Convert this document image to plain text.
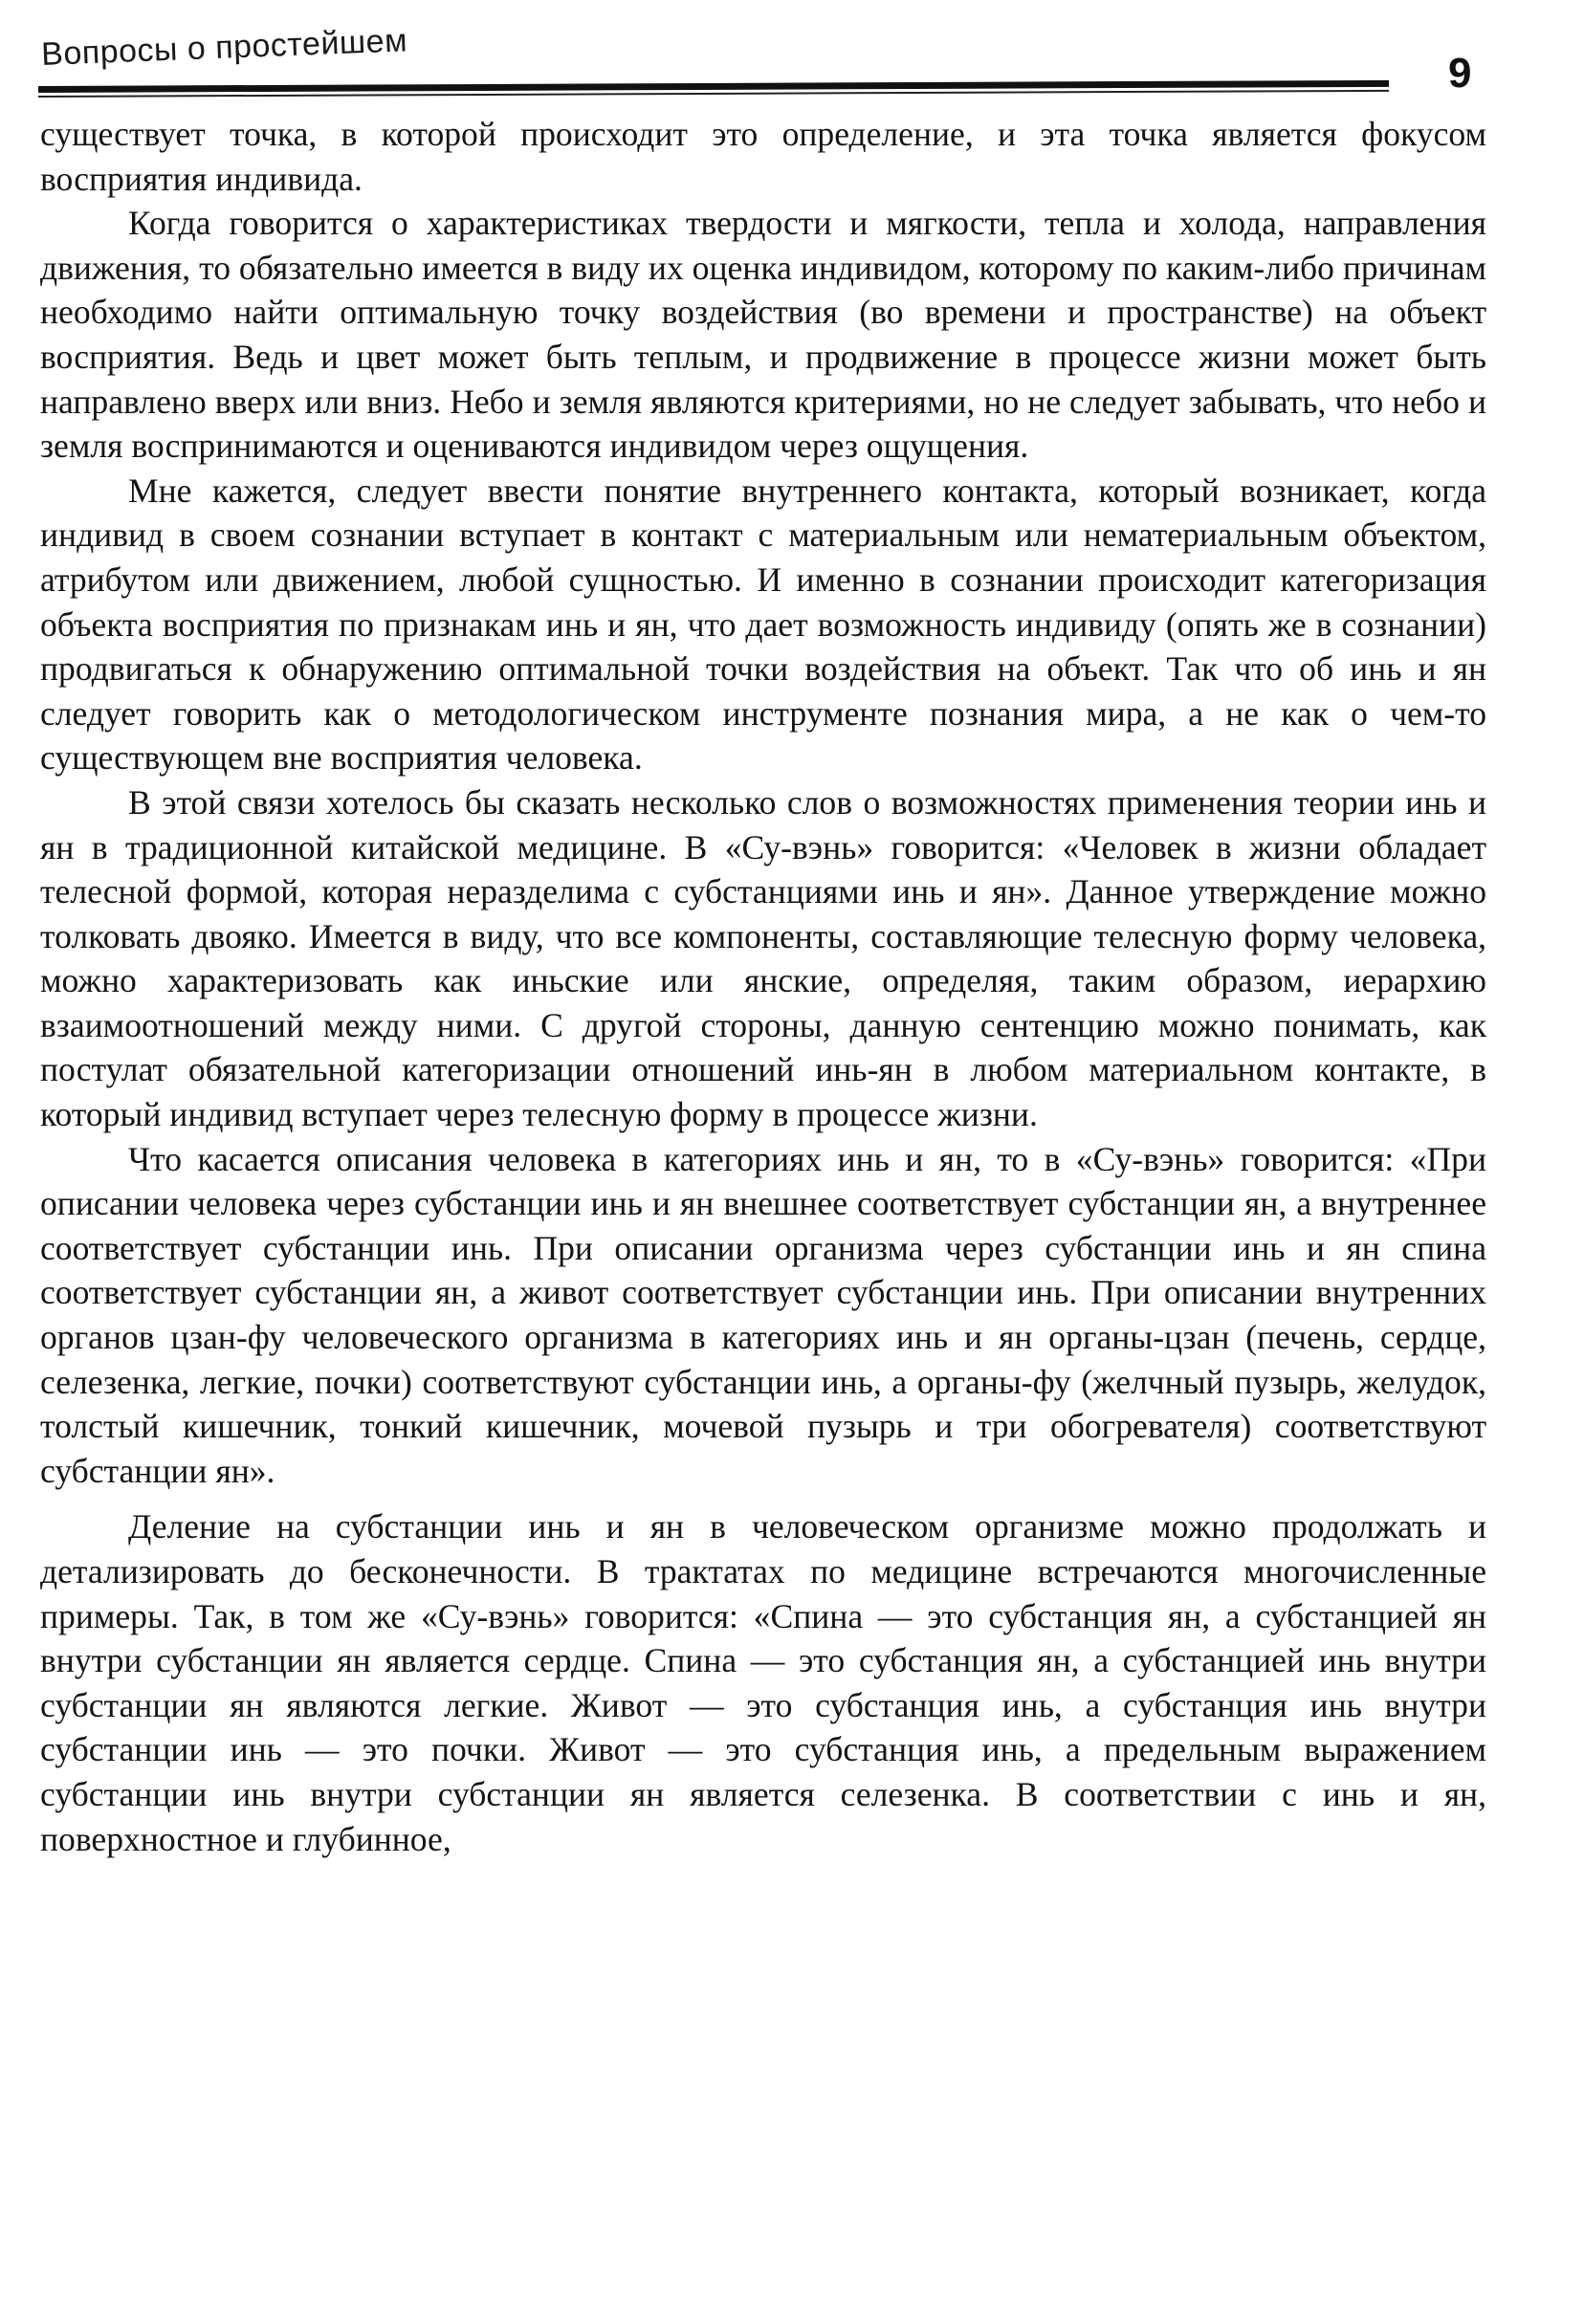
Вопросы о простейшем
9

существует точка, в которой происходит это определение, и эта точка является фокусом восприятия индивида.

Когда говорится о характеристиках твердости и мягкости, тепла и холода, направления движения, то обязательно имеется в виду их оценка индивидом, которому по каким-либо причинам необходимо найти оптимальную точку воздействия (во времени и пространстве) на объект восприятия. Ведь и цвет может быть теплым, и продвижение в процессе жизни может быть направлено вверх или вниз. Небо и земля являются критериями, но не следует забывать, что небо и земля воспринимаются и оцениваются индивидом через ощущения.

Мне кажется, следует ввести понятие внутреннего контакта, который возникает, когда индивид в своем сознании вступает в контакт с материальным или нематериальным объектом, атрибутом или движением, любой сущностью. И именно в сознании происходит категоризация объекта восприятия по признакам инь и ян, что дает возможность индивиду (опять же в сознании) продвигаться к обнаружению оптимальной точки воздействия на объект. Так что об инь и ян следует говорить как о методологическом инструменте познания мира, а не как о чем-то существующем вне восприятия человека.

В этой связи хотелось бы сказать несколько слов о возможностях применения теории инь и ян в традиционной китайской медицине. В «Су-вэнь» говорится: «Человек в жизни обладает телесной формой, которая неразделима с субстанциями инь и ян». Данное утверждение можно толковать двояко. Имеется в виду, что все компоненты, составляющие телесную форму человека, можно характеризовать как иньские или янские, определяя, таким образом, иерархию взаимоотношений между ними. С другой стороны, данную сентенцию можно понимать, как постулат обязательной категоризации отношений инь-ян в любом материальном контакте, в который индивид вступает через телесную форму в процессе жизни.

Что касается описания человека в категориях инь и ян, то в «Су-вэнь» говорится: «При описании человека через субстанции инь и ян внешнее соответствует субстанции ян, а внутреннее соответствует субстанции инь. При описании организма через субстанции инь и ян спина соответствует субстанции ян, а живот соответствует субстанции инь. При описании внутренних органов цзан-фу человеческого организма в категориях инь и ян органы-цзан (печень, сердце, селезенка, легкие, почки) соответствуют субстанции инь, а органы-фу (желчный пузырь, желудок, толстый кишечник, тонкий кишечник, мочевой пузырь и три обогревателя) соответствуют субстанции ян».

Деление на субстанции инь и ян в человеческом организме можно продолжать и детализировать до бесконечности. В трактатах по медицине встречаются многочисленные примеры. Так, в том же «Су-вэнь» говорится: «Спина — это субстанция ян, а субстанцией ян внутри субстанции ян является сердце. Спина — это субстанция ян, а субстанцией инь внутри субстанции ян являются легкие. Живот — это субстанция инь, а субстанция инь внутри субстанции инь — это почки. Живот — это субстанция инь, а предельным выражением субстанции инь внутри субстанции ян является селезенка. В соответствии с инь и ян, поверхностное и глубинное,
